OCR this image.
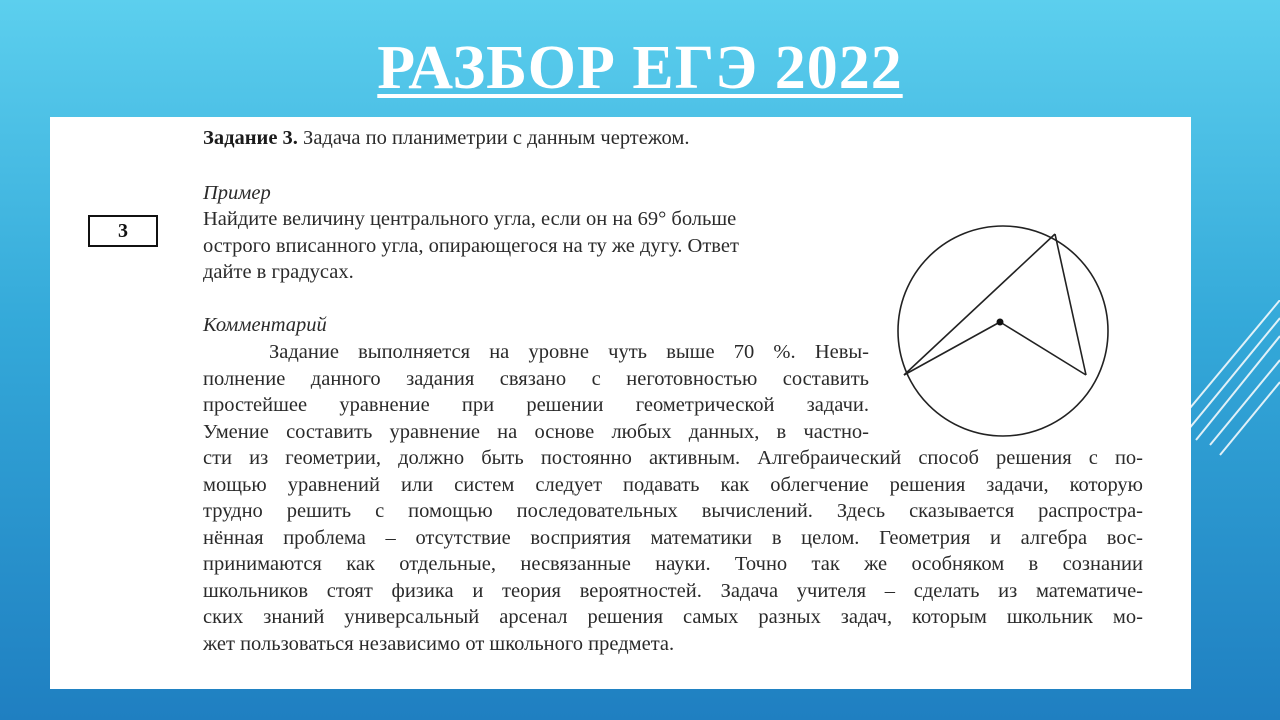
РАЗБОР ЕГЭ 2022
3
Задание 3. Задача по планиметрии с данным чертежом.
Пример
Найдите величину центрального угла, если он на 69° больше
острого вписанного угла, опирающегося на ту же дугу. Ответ
дайте в градусах.
Комментарий
Задание выполняется на уровне чуть выше 70 %. Невы-
полнение данного задания связано с неготовностью составить
простейшее уравнение при решении геометрической задачи.
Умение составить уравнение на основе любых данных, в частно-
сти из геометрии, должно быть постоянно активным. Алгебраический способ решения с по-
мощью уравнений или систем следует подавать как облегчение решения задачи, которую
трудно решить с помощью последовательных вычислений. Здесь сказывается распростра-
нённая проблема – отсутствие восприятия математики в целом. Геометрия и алгебра вос-
принимаются как отдельные, несвязанные науки. Точно так же особняком в сознании
школьников стоят физика и теория вероятностей. Задача учителя – сделать из математиче-
ских знаний универсальный арсенал решения самых разных задач, которым школьник мо-
жет пользоваться независимо от школьного предмета.
